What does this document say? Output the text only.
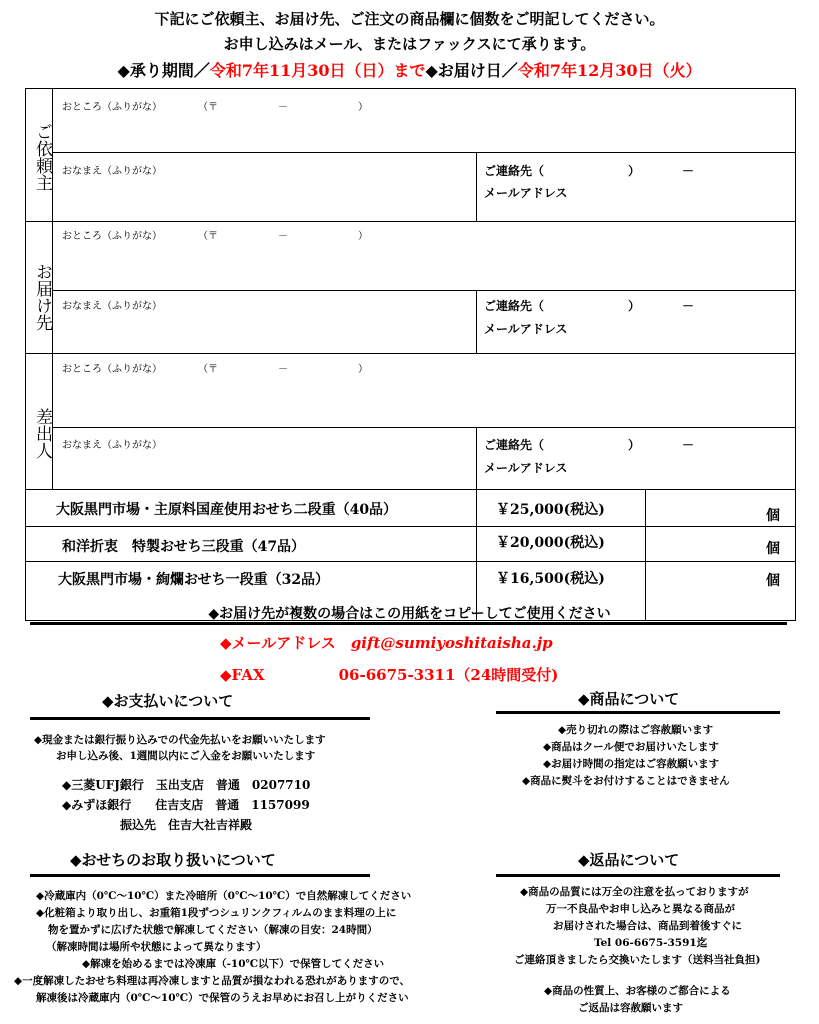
下記にご依頼主、お届け先、ご注文の商品欄に個数をご明記してください。
お申し込みはメール、またはファックスにて承ります。
◆承り期間／令和7年11月30日（日）まで◆お届け日／令和7年12月30日（火）
ご依頼主
お届け先
差出人
おところ（ふりがな）	（〒　　　　　　－　　　　　　　）
おなまえ（ふりがな）	ご連絡先（　　　　　　　）　　　　－
メールアドレス
おところ（ふりがな）	（〒　　　　　　－　　　　　　　）
おなまえ（ふりがな）	ご連絡先（　　　　　　　）　　　　－
メールアドレス
おところ（ふりがな）	（〒　　　　　　－　　　　　　　）
おなまえ（ふりがな）	ご連絡先（　　　　　　　）　　　　－
メールアドレス
大阪黒門市場・主原料国産使用おせち二段重（40品）	￥25,000(税込)	個
和洋折衷　特製おせち三段重（47品）	￥20,000(税込)	個
大阪黒門市場・絢爛おせち一段重（32品）	￥16,500(税込)	個
◆お届け先が複数の場合はこの用紙をコピーしてご使用ください
◆メールアドレス　 gift@sumiyoshitaisha.jp
◆FAX	06-6675-3311（24時間受付)
◆お支払いについて
◆現金または銀行振り込みでの代金先払いをお願いいたします
お申し込み後、1週間以内にご入金をお願いいたします
◆三菱UFJ銀行　玉出支店　普通　0207710
◆みずほ銀行　　住吉支店　普通　1157099
振込先　住吉大社吉祥殿
◆商品について
◆売り切れの際はご容赦願います
◆商品はクール便でお届けいたします
◆お届け時間の指定はご容赦願います
◆商品に熨斗をお付けすることはできません
◆おせちのお取り扱いについて
◆冷蔵庫内（0℃～10℃）また冷暗所（0℃～10℃）で自然解凍してください
◆化粧箱より取り出し、お重箱1段ずつシュリンクフィルムのまま料理の上に
物を置かずに広げた状態で解凍してください（解凍の目安：24時間）
（解凍時間は場所や状態によって異なります）
◆解凍を始めるまでは冷凍庫（-10℃以下）で保管してください
◆一度解凍したおせち料理は再冷凍しますと品質が損なわれる恐れがありますので、
解凍後は冷蔵庫内（0℃～10℃）で保管のうえお早めにお召し上がりください
◆返品について
◆商品の品質には万全の注意を払っておりますが
万一不良品やお申し込みと異なる商品が
お届けされた場合は、商品到着後すぐに
Tel 06-6675-3591迄
ご連絡頂きましたら交換いたします（送料当社負担)
◆商品の性質上、お客様のご都合による
ご返品は容赦願います
